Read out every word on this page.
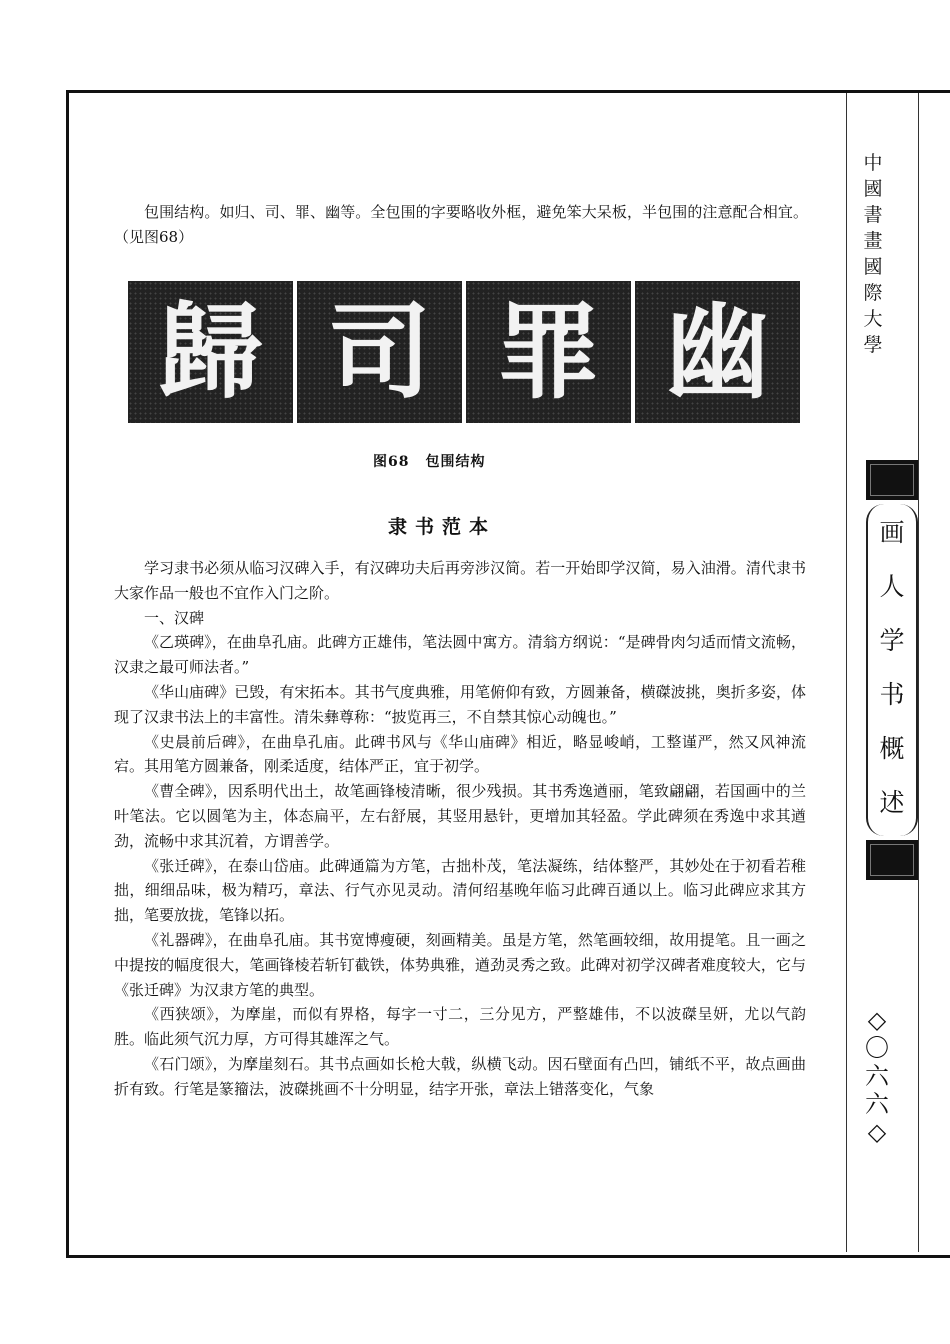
中
國
書
畫
國
際
大
學
画
人
学
书
概
述
◇
〇
六
六
◇

包围结构。如归、司、罪、幽等。全包围的字要略收外框，避免笨大呆板，半包围的注意配合相宜。（见图68）

歸 司 罪 幽
图68 包围结构
隶书范本

学习隶书必须从临习汉碑入手，有汉碑功夫后再旁涉汉简。若一开始即学汉简，易入油滑。清代隶书大家作品一般也不宜作入门之阶。

一、汉碑

《乙瑛碑》，在曲阜孔庙。此碑方正雄伟，笔法圆中寓方。清翁方纲说：“是碑骨肉匀适而情文流畅，汉隶之最可师法者。”

《华山庙碑》已毁，有宋拓本。其书气度典雅，用笔俯仰有致，方圆兼备，横磔波挑，奥折多姿，体现了汉隶书法上的丰富性。清朱彝尊称：“披览再三，不自禁其惊心动魄也。”

《史晨前后碑》，在曲阜孔庙。此碑书风与《华山庙碑》相近，略显峻峭，工整谨严，然又风神流宕。其用笔方圆兼备，刚柔适度，结体严正，宜于初学。

《曹全碑》，因系明代出土，故笔画锋棱清晰，很少残损。其书秀逸遒丽，笔致翩翩，若国画中的兰叶笔法。它以圆笔为主，体态扁平，左右舒展，其竖用悬针，更增加其轻盈。学此碑须在秀逸中求其遒劲，流畅中求其沉着，方谓善学。

《张迁碑》，在泰山岱庙。此碑通篇为方笔，古拙朴茂，笔法凝练，结体整严，其妙处在于初看若稚拙，细细品味，极为精巧，章法、行气亦见灵动。清何绍基晚年临习此碑百通以上。临习此碑应求其方拙，笔要放拢，笔锋以拓。

《礼器碑》，在曲阜孔庙。其书宽博瘦硬，刻画精美。虽是方笔，然笔画较细，故用提笔。且一画之中提按的幅度很大，笔画锋棱若斩钉截铁，体势典雅，遒劲灵秀之致。此碑对初学汉碑者难度较大，它与《张迁碑》为汉隶方笔的典型。

《西狭颂》，为摩崖，而似有界格，每字一寸二，三分见方，严整雄伟，不以波磔呈妍，尤以气韵胜。临此须气沉力厚，方可得其雄浑之气。

《石门颂》，为摩崖刻石。其书点画如长枪大戟，纵横飞动。因石壁面有凸凹，铺纸不平，故点画曲折有致。行笔是篆籀法，波磔挑画不十分明显，结字开张，章法上错落变化，气象
